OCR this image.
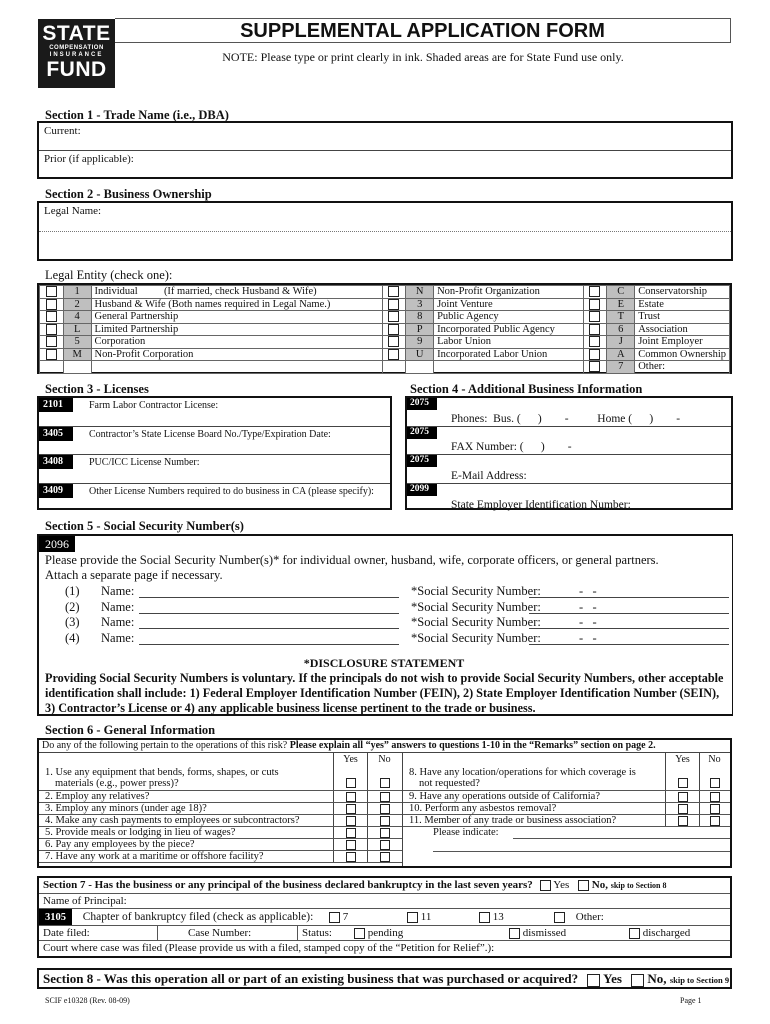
STATE
COMPENSATION
INSURANCE
FUND
SUPPLEMENTAL APPLICATION FORM
NOTE: Please type or print clearly in ink. Shaded areas are for State Fund use only.
Section 1 - Trade Name (i.e., DBA)
Current:
Prior (if applicable):
Section 2 - Business Ownership
Legal Name:
Legal Entity (check one):
	1	Individual          (If married, check Husband & Wife)		N	Non-Profit Organization		C	Conservatorship
	2	Husband & Wife (Both names required in Legal Name.)		3	Joint Venture		E	Estate
	4	General Partnership		8	Public Agency		T	Trust
	L	Limited Partnership		P	Incorporated Public Agency		6	Association
	5	Corporation		9	Labor Union		J	Joint Employer
	M	Non-Profit Corporation		U	Incorporated Labor Union		A	Common Ownership
							7	Other:
Section 3 - Licenses
2101	Farm Labor Contractor License:
3405	Contractor’s State License Board No./Type/Expiration Date:
3408	PUC/ICC License Number:
3409	Other License Numbers required to do business in CA (please specify):
Section 4 - Additional Business Information
2075
Phones:  Bus. (      )        -          Home (      )        -
2075
FAX Number: (      )        -
2075
E-Mail Address:
2099
State Employer Identification Number:
Section 5 - Social Security Number(s)
2096
Please provide the Social Security Number(s)* for individual owner, husband, wife, corporate officers, or general partners.
Attach a separate page if necessary.
(1) Name:	*Social Security Number:	-   -
(2) Name:	*Social Security Number:	-   -
(3) Name:	*Social Security Number:	-   -
(4) Name:	*Social Security Number:	-   -
*DISCLOSURE STATEMENT
Providing Social Security Numbers is voluntary. If the principals do not wish to provide Social Security Numbers, other acceptable identification shall include: 1) Federal Employer Identification Number (FEIN), 2) State Employer Identification Number (SEIN), 3) Contractor’s License or 4) any applicable business license pertinent to the trade or business.
Section 6 - General Information
Do any of the following pertain to the operations of this risk? Please explain all “yes” answers to questions 1-10 in the “Remarks” section on page 2.
1. Use any equipment that bends, forms, shapes, or cuts
materials (e.g., power press)?
Yes	No
2. Employ any relatives?
3. Employ any minors (under age 18)?
4. Make any cash payments to employees or subcontractors?
5. Provide meals or lodging in lieu of wages?
6. Pay any employees by the piece?
7. Have any work at a maritime or offshore facility?
8. Have any location/operations for which coverage is
not requested?
Yes	No
9. Have any operations outside of California?
10. Perform any asbestos removal?
11. Member of any trade or business association?
Please indicate:
Section 7 - Has the business or any principal of the business declared bankruptcy in the last seven years? Yes No, skip to Section 8
Name of Principal:
3105 Chapter of bankruptcy filed (check as applicable):	7	11	13	Other:
Date filed:	Case Number:	Status:	pending	dismissed	discharged
Court where case was filed (Please provide us with a filed, stamped copy of the “Petition for Relief”.):
Section 8 - Was this operation all or part of an existing business that was purchased or acquired? Yes No, skip to Section 9
SCIF e10328 (Rev. 08-09)	Page 1
